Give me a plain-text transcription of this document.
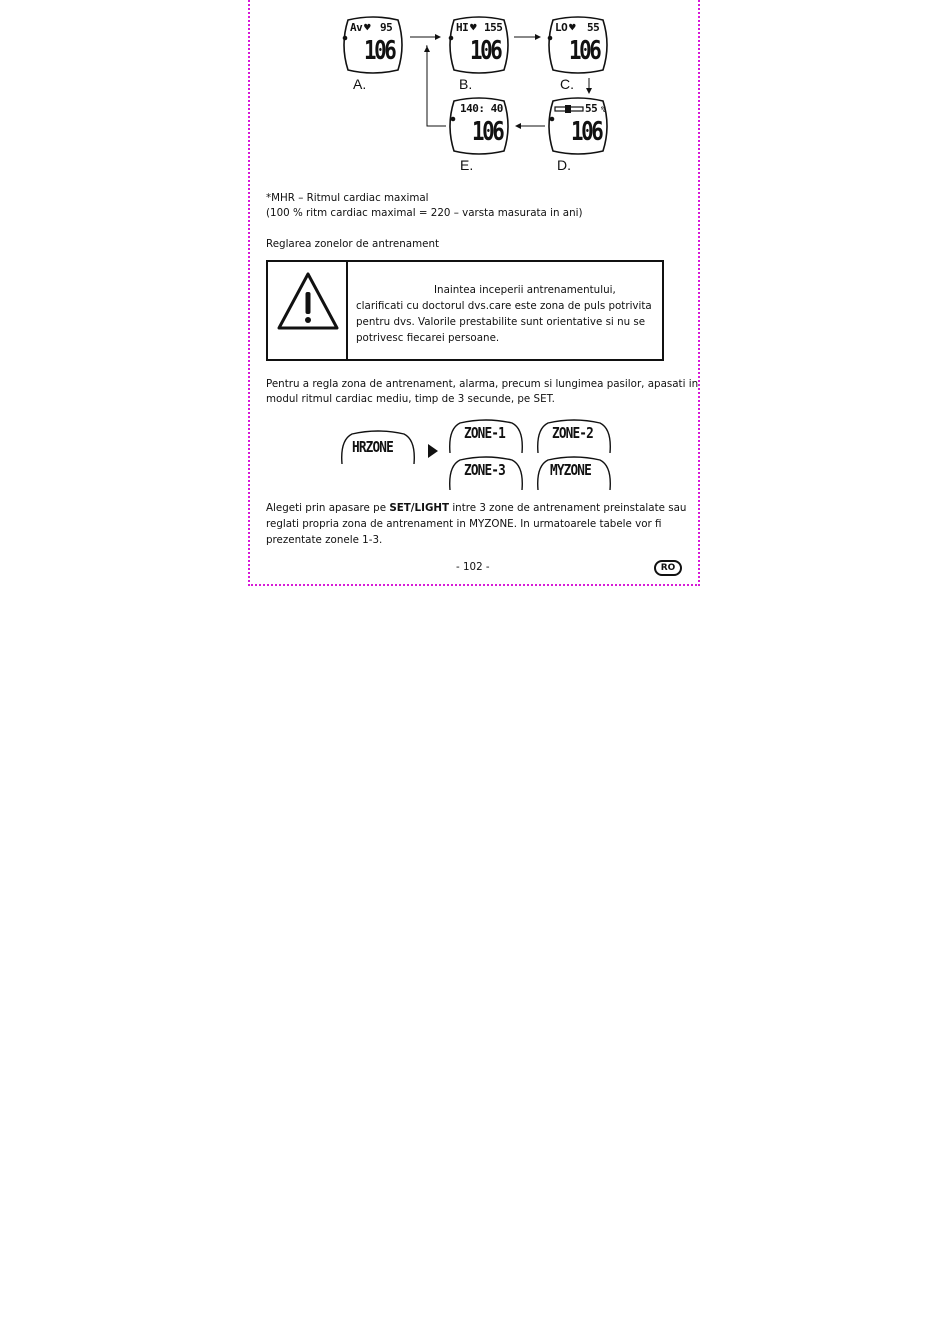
Av ♥ 95
106
HI ♥ 155
106
LO ♥ 55
106
140: 40
106
55 %
106
A.	B.	C.
E.	D.
*MHR – Ritmul cardiac maximal
(100 % ritm cardiac maximal = 220 – varsta masurata in ani)
Reglarea zonelor de antrenament
Inaintea inceperii antrenamentului,
clarificati cu doctorul dvs.care este zona de puls potrivita
pentru dvs. Valorile prestabilite sunt orientative si nu se
potrivesc fiecarei persoane.
Pentru a regla zona de antrenament, alarma, precum si lungimea pasilor, apasati in
modul ritmul cardiac mediu, timp de 3 secunde, pe SET.
HRZONE
ZONE-1	ZONE-2
ZONE-3	MYZONE
Alegeti prin apasare pe SET/LIGHT intre 3 zone de antrenament preinstalate sau
reglati propria zona de antrenament in MYZONE. In urmatoarele tabele vor fi
prezentate zonele 1-3.
- 102 -	RO
